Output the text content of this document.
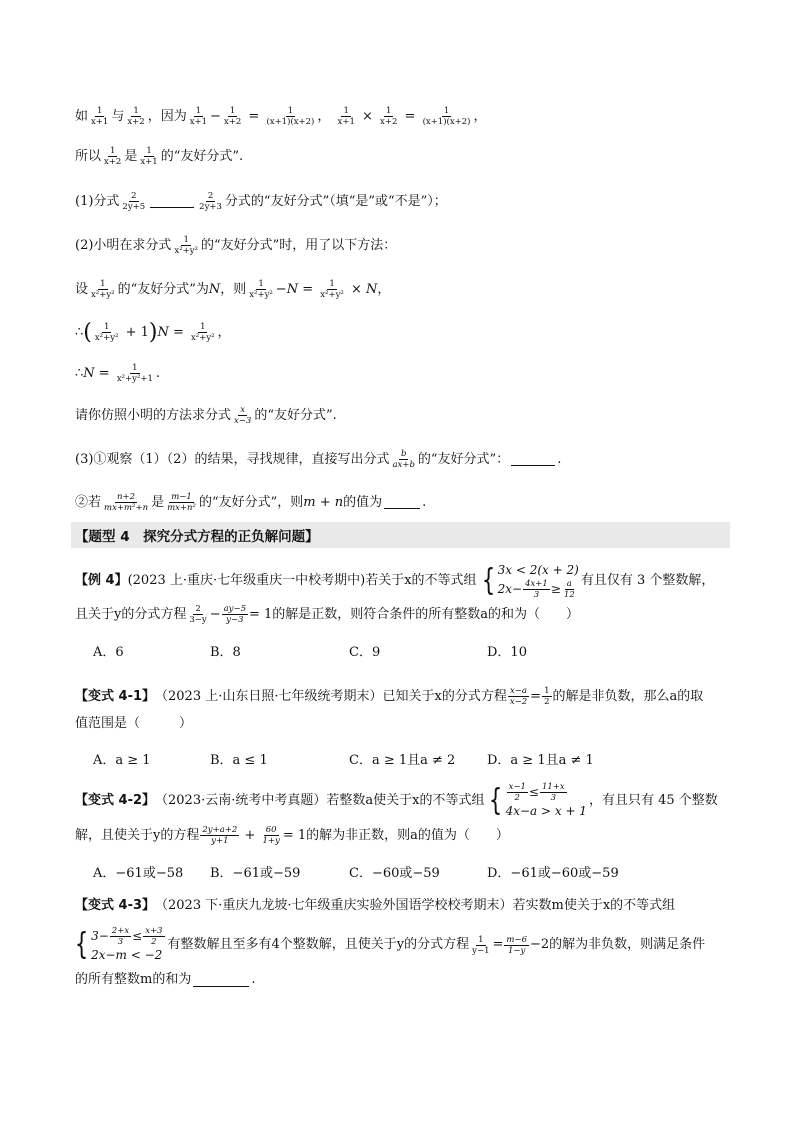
如 $\frac{1}{x+1}$ 与 $\frac{1}{x+2}$ ，因为 $\frac{1}{x+1} - \frac{1}{x+2}$
=
$\frac{1}{(x+1)(x+2)}$ ，
$\frac{1}{x+1}$
×
$\frac{1}{x+2}$
=
$\frac{1}{(x+1)(x+2)}$ ，
所以 $\frac{1}{x+2}$ 是 $\frac{1}{x+1}$ 的“友好分式”.
(1)分式 $\frac{2}{2y+5}$	$\frac{2}{2y+3}$ 分式的“友好分式”（填“是”或“不是”）；
(2)小明在求分式 $\frac{1}{\text{x²+y²}}$ 的“友好分式”时，用了以下方法：
设 $\frac{1}{\text{x²+y²}}$ 的“友好分式”为 N ，则 $\frac{1}{\text{x²+y²}} - N$
=
$\frac{1}{\text{x²+y²}}$
×
N ，
∴ ( $\frac{1}{\text{x²+y²}}$
+ 1 ) N =
$\frac{1}{\text{x²+y²}}$ ，
∴ N =
$\frac{1}{\text{x²+y²+1}}$ .
请你仿照小明的方法求分式 $\frac{x}{x-3}$ 的“友好分式”.
(3)①观察（1）（2）的结果，寻找规律，直接写出分式 $\frac{b}{ax+b}$ 的“友好分式”：	.
②若 $\frac{n+2}{\text{mx+m²+n}}$ 是 $\frac{m-1}{\text{mx+n²}}$ 的“友好分式”，则 m + n 的值为	.
【题型 4　探究分式方程的正负解问题】
【例 4】 (2023 上·重庆·七年级重庆一中校考期中) 若关于x的不等式组 { 3x < 2(x + 2)
$2x- \frac{4x+1}{3} \ge \frac{a}{12}$ 有且仅有 3 个整数解，
且关于y的分式方程 $\frac{2}{3-y} - \frac{ay-5}{y-3} = 1$的解是正数，则符合条件的所有整数a的和为（　　）
A．6	B．8	C．9	D．10
【变式 4-1】 （2023 上·山东日照·七年级统考期末） 已知关于x的分式方程 $\frac{x-a}{x-2} = \frac{1}{2}$ 的解是非负数，那么a的取
值范围是（　　　）
A．a ≥ 1	B．a ≤ 1	C．a ≥ 1且a ≠ 2 D．a ≥ 1且a ≠ 1
【变式 4-2】 （2023·云南·统考中考真题） 若整数a使关于x的不等式组 { $\frac{x-1}{2} \le \frac{11+x}{3}$
4x−a > x + 1
，有且只有 45 个整数
解，且使关于y的方程 $\frac{2y+a+2}{y+1}$
+
$\frac{60}{1+y} = 1$的解为非正数，则a的值为（　　）
A．−61或−58 B．−61或−59	C．−60或−59	D．−61或−60或−59
【变式 4-3】 （2023 下·重庆九龙坡·七年级重庆实验外国语学校校考期末） 若实数m使关于x的不等式组
{ $3- \frac{2+x}{3} \le \frac{x+3}{2}$
2x−m < −2
有整数解且至多有4个整数解，且使关于y的分式方程 $\frac{1}{y-1} = \frac{m-6}{1-y} -2$的解为非负数，则满足条件
的所有整数m的和为	.
